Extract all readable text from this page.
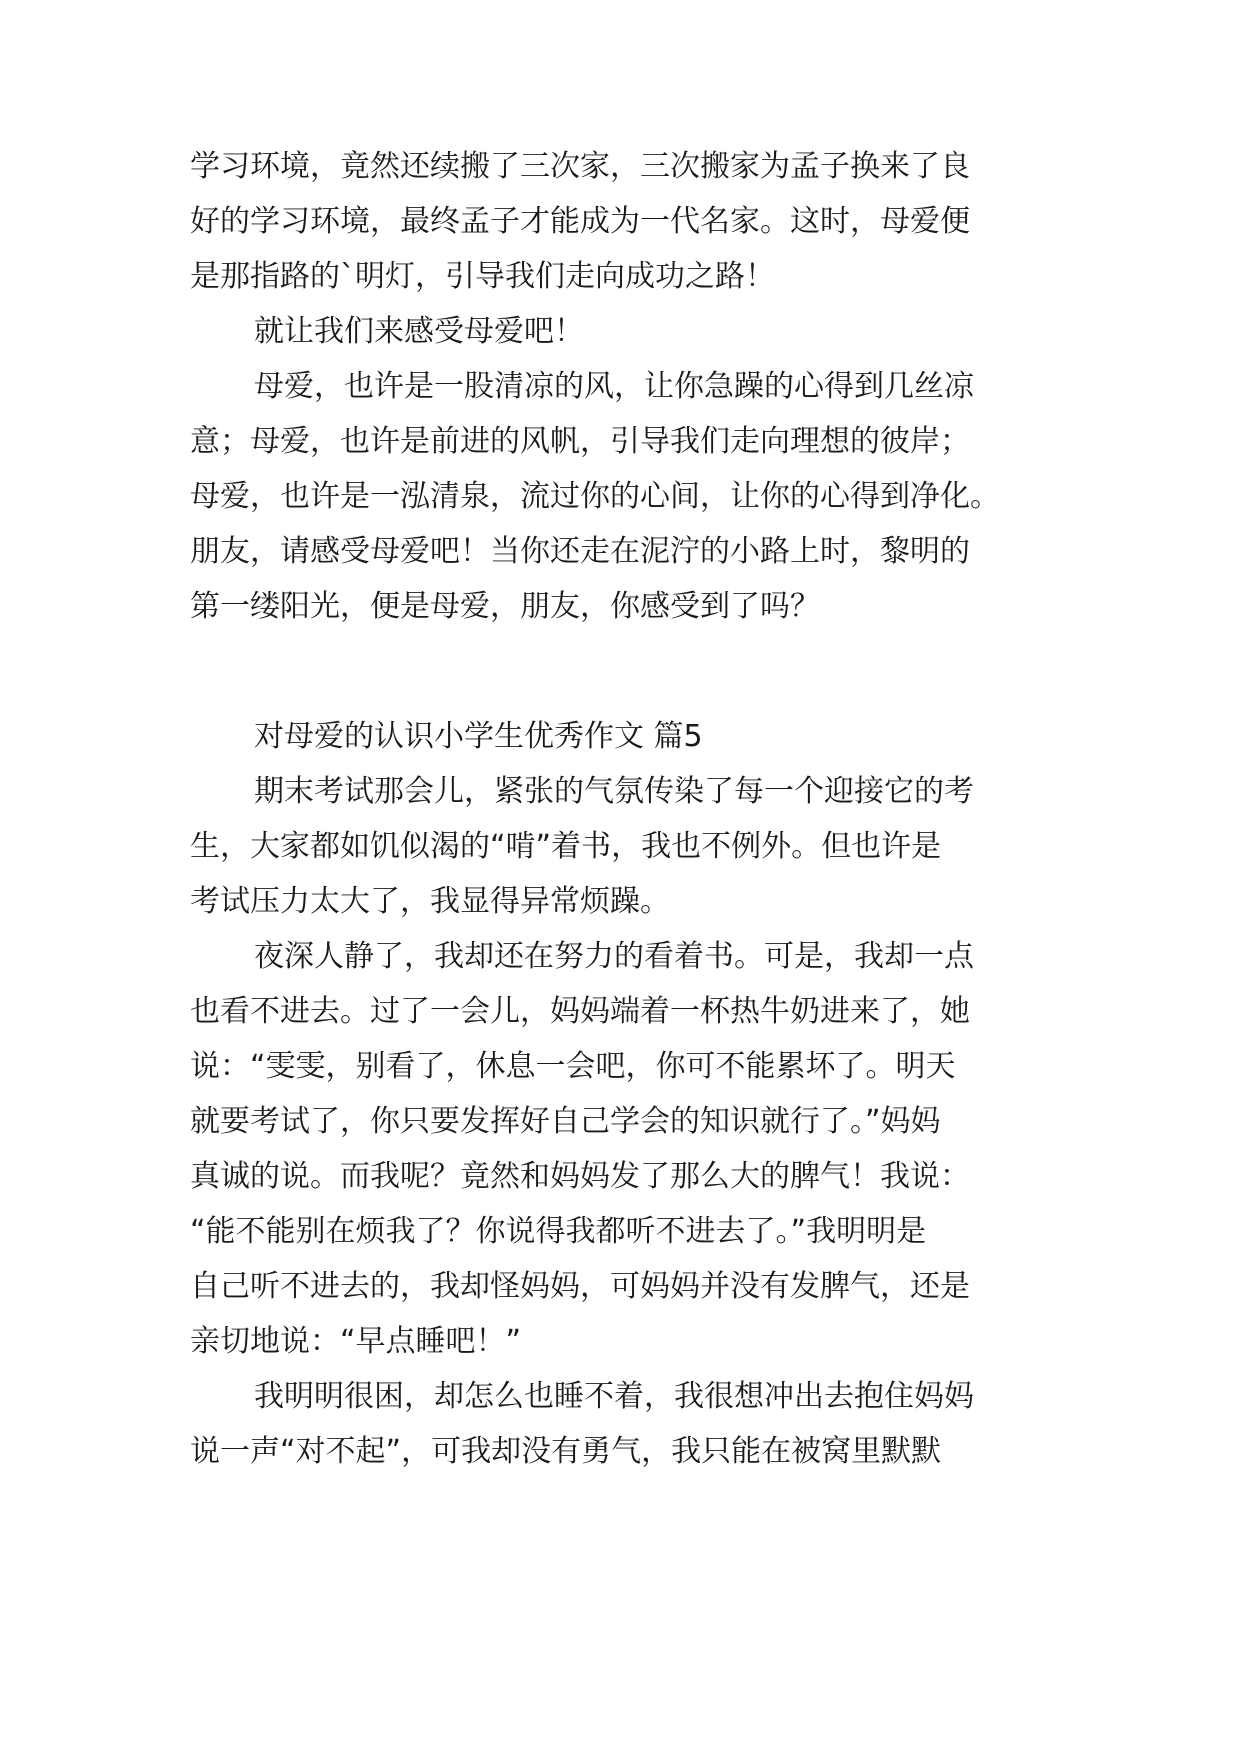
学习环境，竟然还续搬了三次家，三次搬家为孟子换来了良
好的学习环境，最终孟子才能成为一代名家。这时，母爱便
是那指路的`明灯，引导我们走向成功之路！
就让我们来感受母爱吧！
母爱，也许是一股清凉的风，让你急躁的心得到几丝凉
意；母爱，也许是前进的风帆，引导我们走向理想的彼岸；
母爱，也许是一泓清泉，流过你的心间，让你的心得到净化。
朋友，请感受母爱吧！当你还走在泥泞的小路上时，黎明的
第一缕阳光，便是母爱，朋友，你感受到了吗？
对母爱的认识小学生优秀作文 篇5
期末考试那会儿，紧张的气氛传染了每一个迎接它的考
生，大家都如饥似渴的“啃”着书，我也不例外。但也许是
考试压力太大了，我显得异常烦躁。
夜深人静了，我却还在努力的看着书。可是，我却一点
也看不进去。过了一会儿，妈妈端着一杯热牛奶进来了，她
说：“雯雯，别看了，休息一会吧，你可不能累坏了。明天
就要考试了，你只要发挥好自己学会的知识就行了。”妈妈
真诚的说。而我呢？竟然和妈妈发了那么大的脾气！我说：
“能不能别在烦我了？你说得我都听不进去了。”我明明是
自己听不进去的，我却怪妈妈，可妈妈并没有发脾气，还是
亲切地说：“早点睡吧！”
我明明很困，却怎么也睡不着，我很想冲出去抱住妈妈
说一声“对不起”，可我却没有勇气，我只能在被窝里默默
